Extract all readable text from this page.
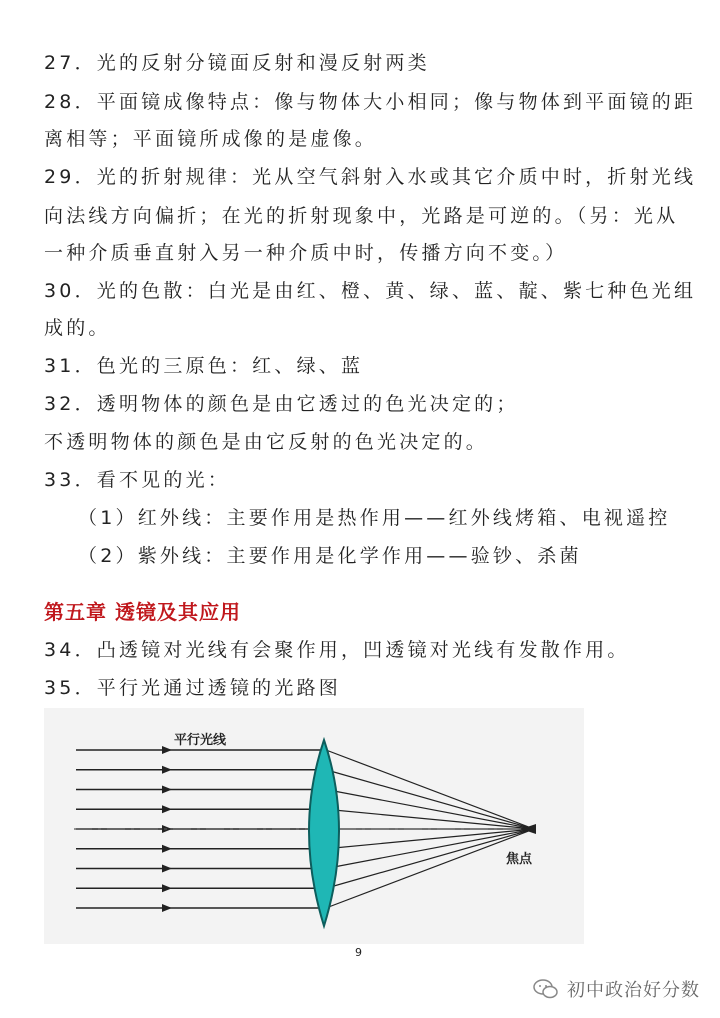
27．光的反射分镜面反射和漫反射两类
28．平面镜成像特点：像与物体大小相同；像与物体到平面镜的距
离相等；平面镜所成像的是虚像。
29．光的折射规律：光从空气斜射入水或其它介质中时，折射光线
向法线方向偏折；在光的折射现象中，光路是可逆的。（另：光从
一种介质垂直射入另一种介质中时，传播方向不变。）
30．光的色散：白光是由红、橙、黄、绿、蓝、靛、紫七种色光组
成的。
31．色光的三原色：红、绿、蓝
32．透明物体的颜色是由它透过的色光决定的；
不透明物体的颜色是由它反射的色光决定的。
33．看不见的光：
（1）红外线：主要作用是热作用——红外线烤箱、电视遥控
（2）紫外线：主要作用是化学作用——验钞、杀菌
第五章 透镜及其应用
34．凸透镜对光线有会聚作用，凹透镜对光线有发散作用。
35．平行光通过透镜的光路图
平行光线
焦点
9
初中政治好分数
